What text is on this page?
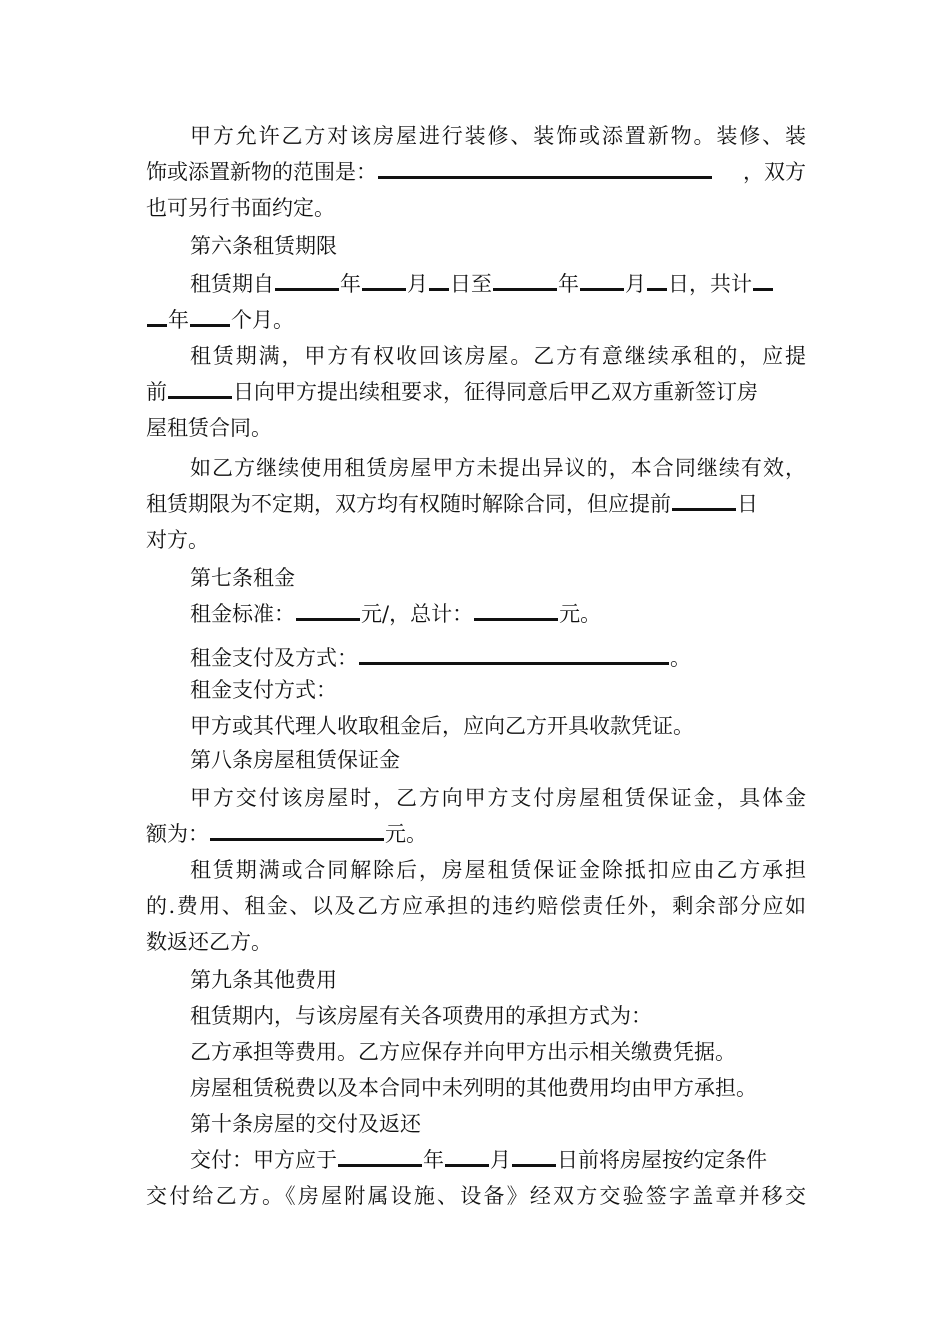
甲方允许乙方对该房屋进行装修、装饰或添置新物。装修、装
饰或添置新物的范围是：	，双方
也可另行书面约定。
第六条租赁期限
租赁期自	年 月 日至	年 月 日，共计
年 个月。
租赁期满，甲方有权收回该房屋。乙方有意继续承租的，应提
前	日向甲方提出续租要求，征得同意后甲乙双方重新签订房
屋租赁合同。
如乙方继续使用租赁房屋甲方未提出异议的，本合同继续有效，
租赁期限为不定期，双方均有权随时解除合同，但应提前	日
对方。
第七条租金
租金标准：	元/，总计：	元。
租金支付及方式：	。
租金支付方式：
甲方或其代理人收取租金后，应向乙方开具收款凭证。
第八条房屋租赁保证金
甲方交付该房屋时，乙方向甲方支付房屋租赁保证金，具体金
额为：	元。
租赁期满或合同解除后，房屋租赁保证金除抵扣应由乙方承担
的.费用、租金、以及乙方应承担的违约赔偿责任外，剩余部分应如
数返还乙方。
第九条其他费用
租赁期内，与该房屋有关各项费用的承担方式为：
乙方承担等费用。乙方应保存并向甲方出示相关缴费凭据。
房屋租赁税费以及本合同中未列明的其他费用均由甲方承担。
第十条房屋的交付及返还
交付：甲方应于	年 月 日前将房屋按约定条件
交付给乙方。《房屋附属设施、设备》经双方交验签字盖章并移交
